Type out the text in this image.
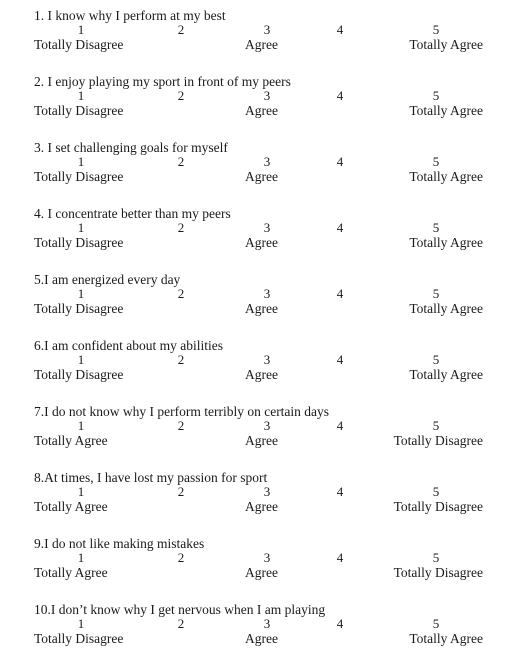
1. I know why I perform at my best
1	2	3	4	5
Totally Disagree	Agree	Totally Agree
2. I enjoy playing my sport in front of my peers
1	2	3	4	5
Totally Disagree	Agree	Totally Agree
3. I set challenging goals for myself
1	2	3	4	5
Totally Disagree	Agree	Totally Agree
4. I concentrate better than my peers
1	2	3	4	5
Totally Disagree	Agree	Totally Agree
5.I am energized every day
1	2	3	4	5
Totally Disagree	Agree	Totally Agree
6.I am confident about my abilities
1	2	3	4	5
Totally Disagree	Agree	Totally Agree
7.I do not know why I perform terribly on certain days
1	2	3	4	5
Totally Agree	Agree	Totally Disagree
8.At times, I have lost my passion for sport
1	2	3	4	5
Totally Agree	Agree	Totally Disagree
9.I do not like making mistakes
1	2	3	4	5
Totally Agree	Agree	Totally Disagree
10.I don’t know why I get nervous when I am playing
1	2	3	4	5
Totally Disagree	Agree	Totally Agree
